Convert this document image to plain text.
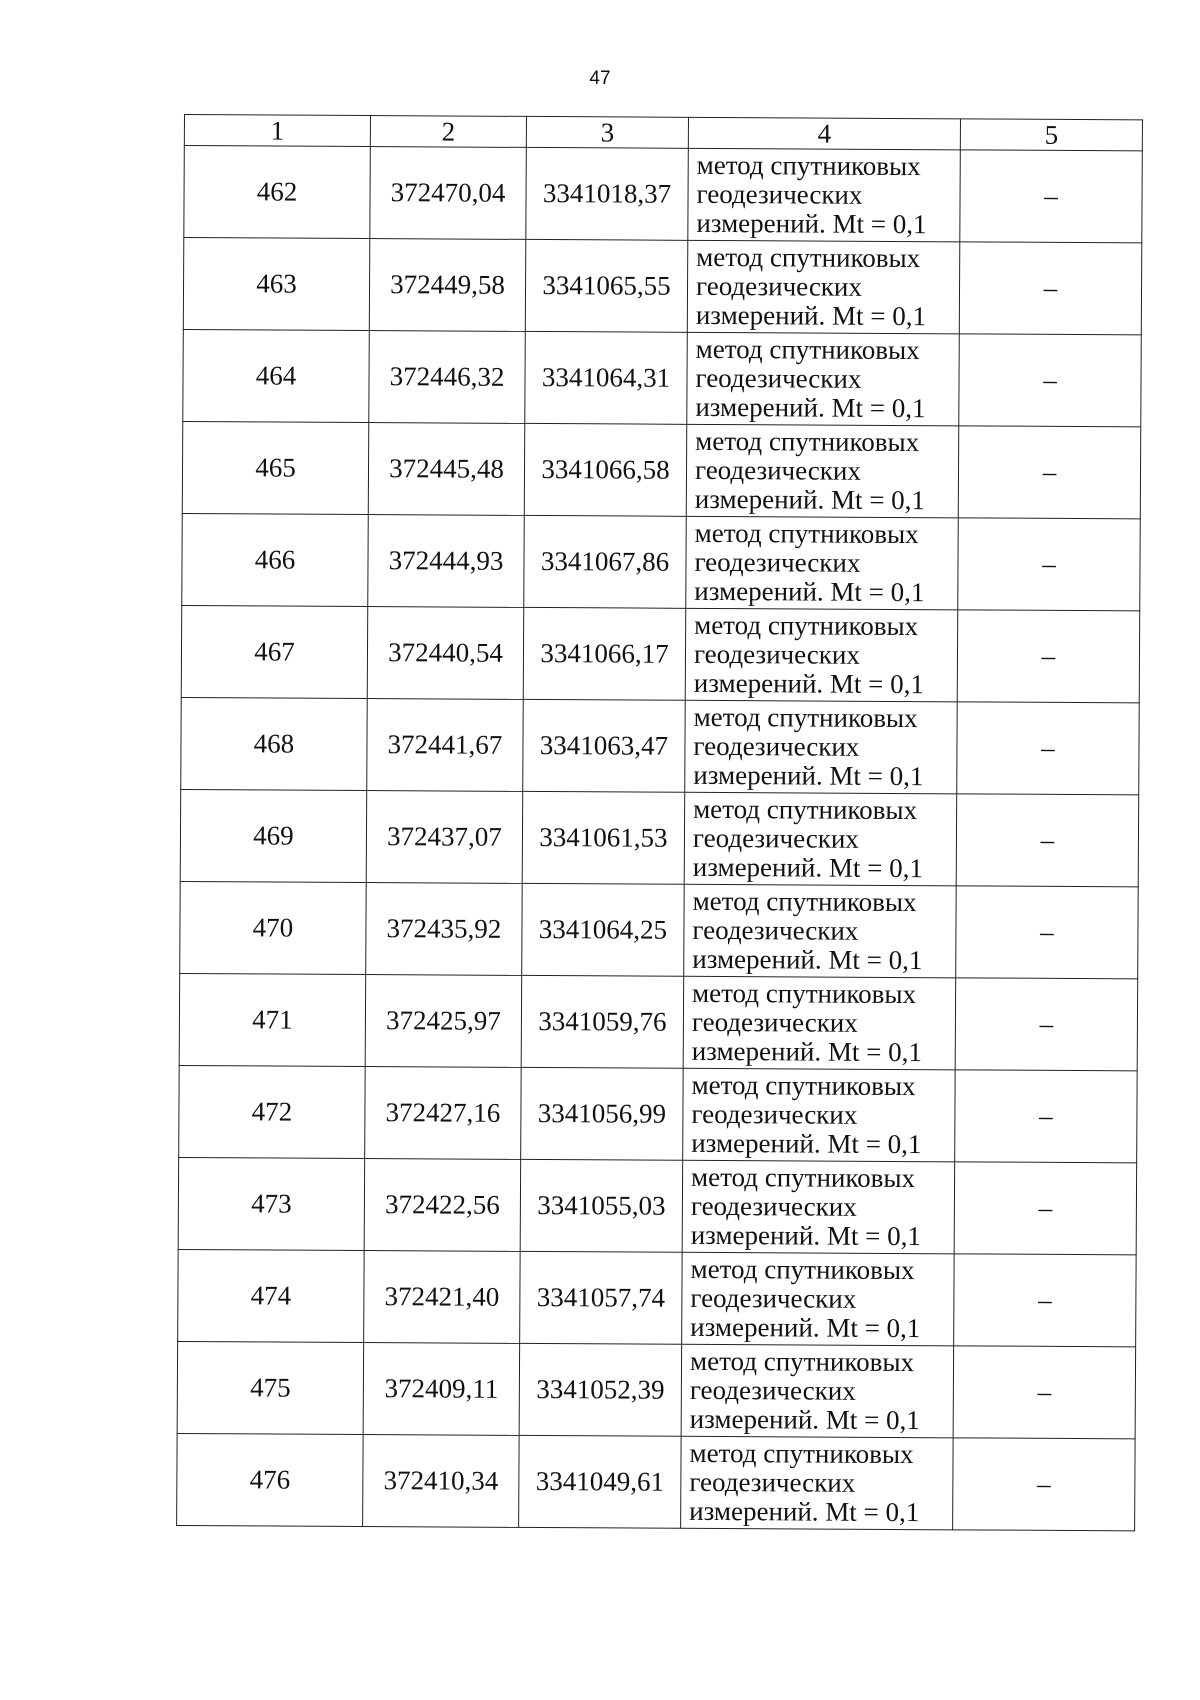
47
1	2	3	4	5
462	372470,04	3341018,37	метод спутниковых
геодезических
измерений. Mt = 0,1	–
463	372449,58	3341065,55	метод спутниковых
геодезических
измерений. Mt = 0,1	–
464	372446,32	3341064,31	метод спутниковых
геодезических
измерений. Mt = 0,1	–
465	372445,48	3341066,58	метод спутниковых
геодезических
измерений. Mt = 0,1	–
466	372444,93	3341067,86	метод спутниковых
геодезических
измерений. Mt = 0,1	–
467	372440,54	3341066,17	метод спутниковых
геодезических
измерений. Mt = 0,1	–
468	372441,67	3341063,47	метод спутниковых
геодезических
измерений. Mt = 0,1	–
469	372437,07	3341061,53	метод спутниковых
геодезических
измерений. Mt = 0,1	–
470	372435,92	3341064,25	метод спутниковых
геодезических
измерений. Mt = 0,1	–
471	372425,97	3341059,76	метод спутниковых
геодезических
измерений. Mt = 0,1	–
472	372427,16	3341056,99	метод спутниковых
геодезических
измерений. Mt = 0,1	–
473	372422,56	3341055,03	метод спутниковых
геодезических
измерений. Mt = 0,1	–
474	372421,40	3341057,74	метод спутниковых
геодезических
измерений. Mt = 0,1	–
475	372409,11	3341052,39	метод спутниковых
геодезических
измерений. Mt = 0,1	–
476	372410,34	3341049,61	метод спутниковых
геодезических
измерений. Mt = 0,1	–
